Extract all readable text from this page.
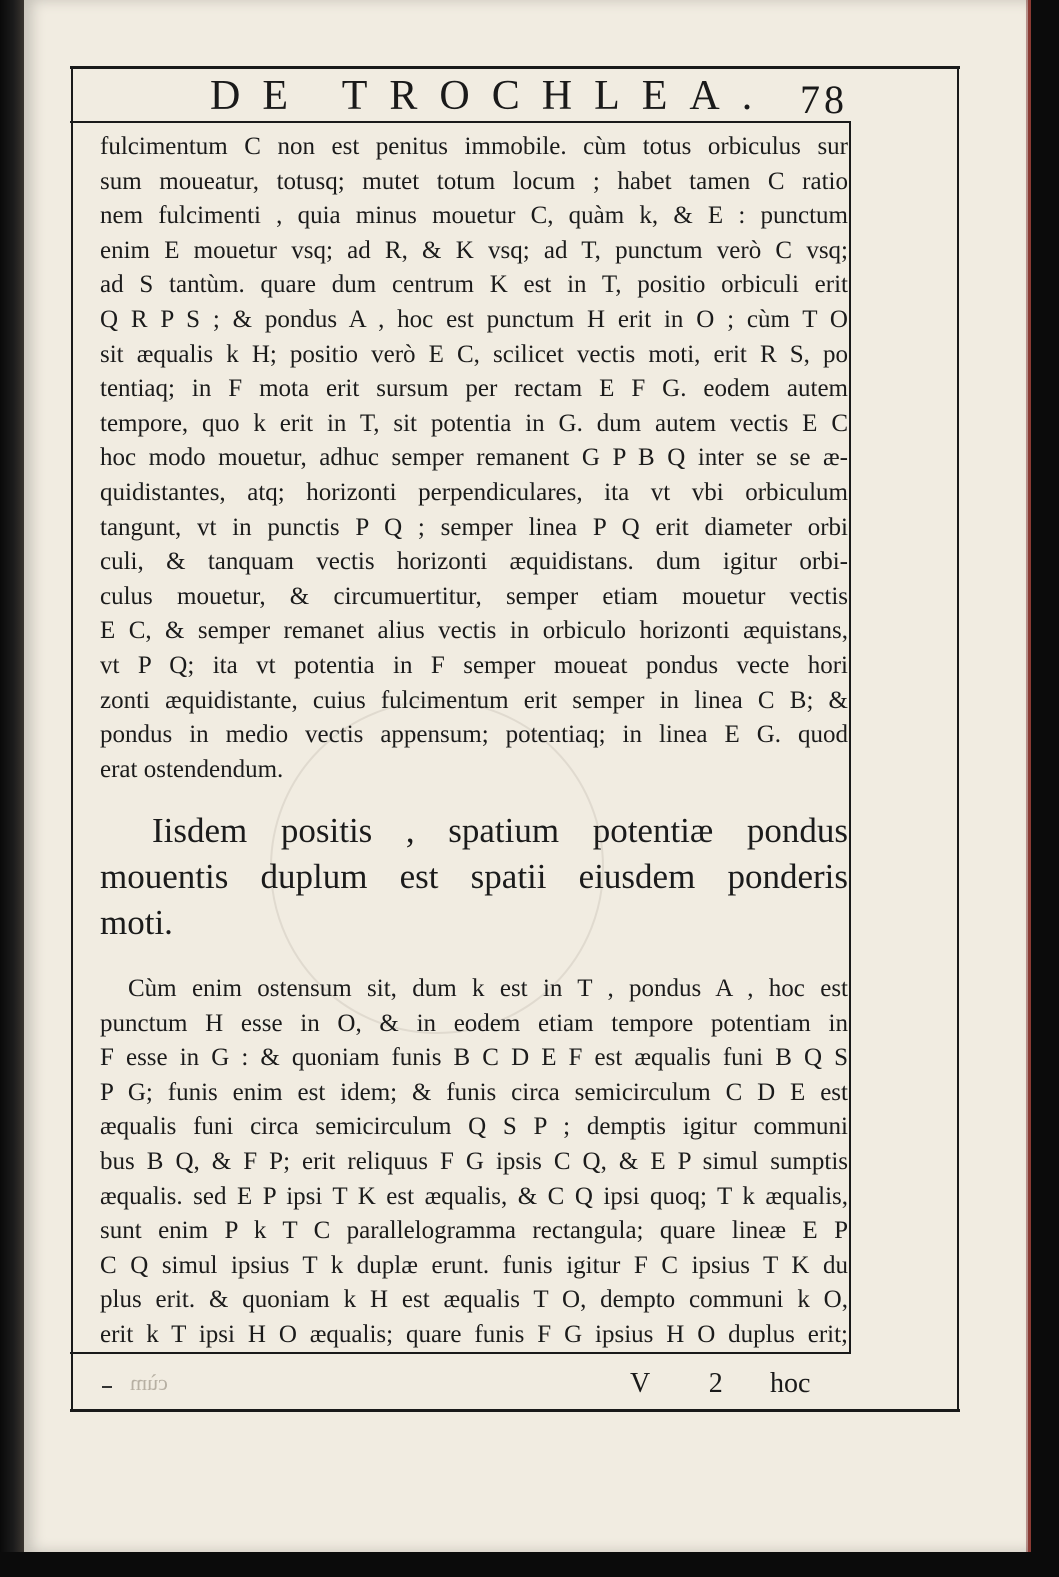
DE TROCHLEA. 78
fulcimentum C non est penitus immobile. cùm totus orbiculus sur
sum moueatur, totusq; mutet totum locum ; habet tamen C ratio
nem fulcimenti , quia minus mouetur C, quàm k, & E : punctum
enim E mouetur vsq; ad R, & K vsq; ad T, punctum verò C vsq;
ad S tantùm. quare dum centrum K est in T, positio orbiculi erit
Q R P S ; & pondus A , hoc est punctum H erit in O ; cùm T O
sit æqualis k H; positio verò E C, scilicet vectis moti, erit R S, po
tentiaq; in F mota erit sursum per rectam E F G. eodem autem
tempore, quo k erit in T, sit potentia in G. dum autem vectis E C
hoc modo mouetur, adhuc semper remanent G P B Q inter se se æ-
quidistantes, atq; horizonti perpendiculares, ita vt vbi orbiculum
tangunt, vt in punctis P Q ; semper linea P Q erit diameter orbi
culi, & tanquam vectis horizonti æquidistans. dum igitur orbi-
culus mouetur, & circumuertitur, semper etiam mouetur vectis
E C, & semper remanet alius vectis in orbiculo horizonti æquistans,
vt P Q; ita vt potentia in F semper moueat pondus vecte hori
zonti æquidistante, cuius fulcimentum erit semper in linea C B; &
pondus in medio vectis appensum; potentiaq; in linea E G. quod
erat ostendendum.
Iisdem positis , spatium potentiæ pondus
mouentis duplum est spatii eiusdem ponderis
moti.
Cùm enim ostensum sit, dum k est in T , pondus A , hoc est
punctum H esse in O, & in eodem etiam tempore potentiam in
F esse in G : & quoniam funis B C D E F est æqualis funi B Q S
P G; funis enim est idem; & funis circa semicirculum C D E est
æqualis funi circa semicirculum Q S P ; demptis igitur communi
bus B Q, & F P; erit reliquus F G ipsis C Q, & E P simul sumptis
æqualis. sed E P ipsi T K est æqualis, & C Q ipsi quoq; T k æqualis,
sunt enim P k T C parallelogramma rectangula; quare lineæ E P
C Q simul ipsius T k duplæ erunt. funis igitur F C ipsius T K du
plus erit. & quoniam k H est æqualis T O, dempto communi k O,
erit k T ipsi H O æqualis; quare funis F G ipsius H O duplus erit;
cùm	V 2 hoc
